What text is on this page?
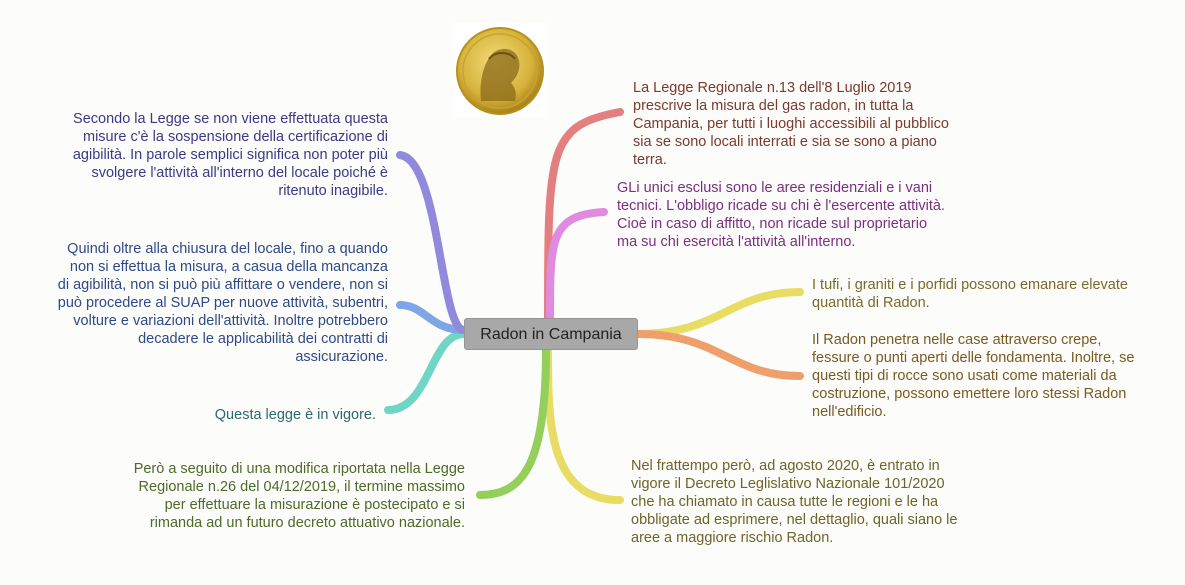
Radon in Campania

La Legge Regionale n.13 dell'8 Luglio 2019
prescrive la misura del gas radon, in tutta la
Campania, per tutti i luoghi accessibili al pubblico
sia se sono locali interrati e sia se sono a piano
terra.

GLi unici esclusi sono le aree residenziali e i vani
tecnici. L'obbligo ricade su chi è l'esercente attività.
Cioè in caso di affitto, non ricade sul proprietario
ma su chi esercità l'attività all'interno.

I tufi, i graniti e i porfidi possono emanare elevate
quantità di Radon.

Il Radon penetra nelle case attraverso crepe,
fessure o punti aperti delle fondamenta. Inoltre, se
questi tipi di rocce sono usati come materiali da
costruzione, possono emettere loro stessi Radon
nell'edificio.

Nel frattempo però, ad agosto 2020, è entrato in
vigore il Decreto Leglislativo Nazionale 101/2020
che ha chiamato in causa tutte le regioni e le ha
obbligate ad esprimere, nel dettaglio, quali siano le
aree a maggiore rischio Radon.

Secondo la Legge se non viene effettuata questa
misure c'è la sospensione della certificazione di
agibilità. In parole semplici significa non poter più
svolgere l'attività all'interno del locale poiché è
ritenuto inagibile.

Quindi oltre alla chiusura del locale, fino a quando
non si effettua la misura, a casua della mancanza
di agibilità, non si può più affittare o vendere, non si
può procedere al SUAP per nuove attività, subentri,
volture e variazioni dell'attività. Inoltre potrebbero
decadere le applicabilità dei contratti di
assicurazione.

Questa legge è in vigore.

Però a seguito di una modifica riportata nella Legge
Regionale n.26 del 04/12/2019, il termine massimo
per effettuare la misurazione è postecipato e si
rimanda ad un futuro decreto attuativo nazionale.
